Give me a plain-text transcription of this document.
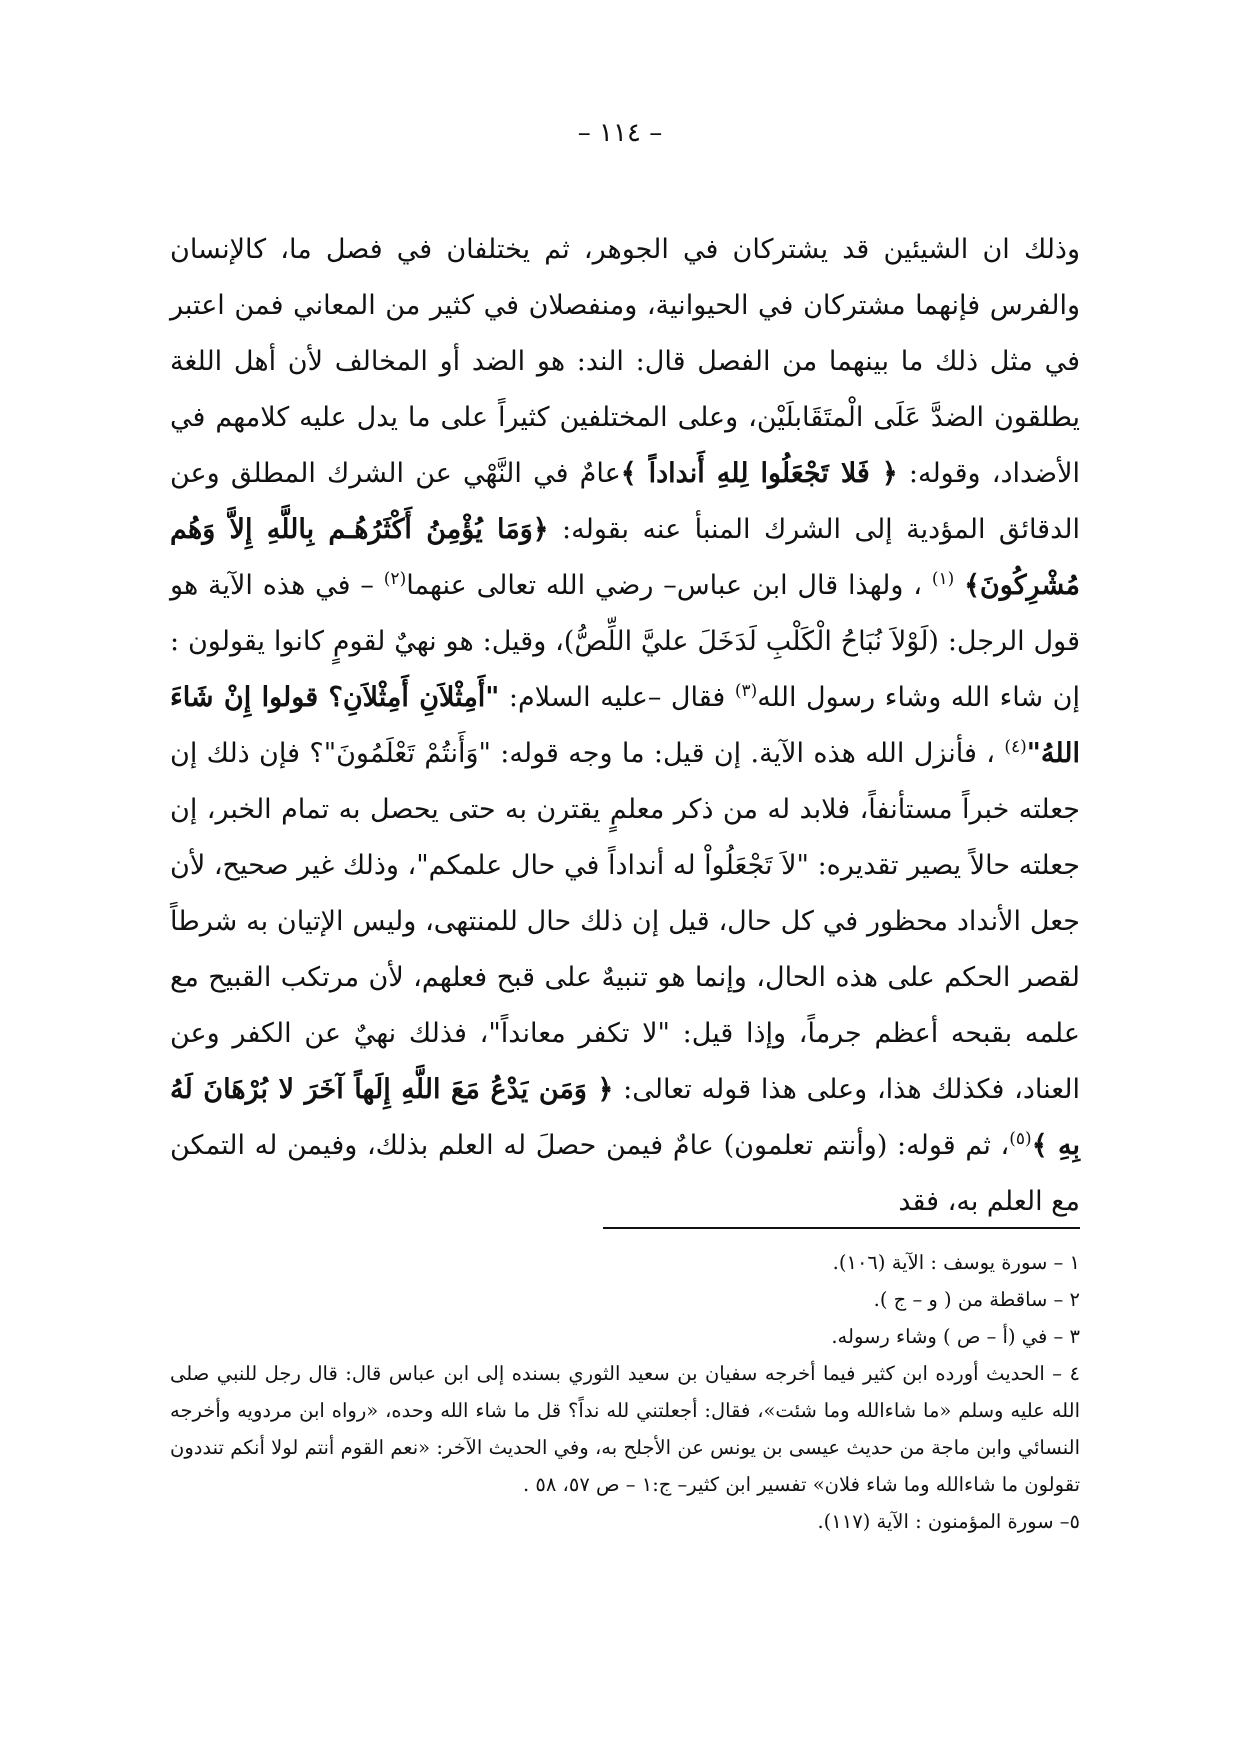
– ١١٤ –

وذلك ان الشيئين قد يشتركان في الجوهر، ثم يختلفان في فصل ما، كالإنسان والفرس فإنهما مشتركان في الحيوانية، ومنفصلان في كثير من المعاني فمن اعتبر في مثل ذلك ما بينهما من الفصل قال: الند: هو الضد أو المخالف لأن أهل اللغة يطلقون الضدَّ عَلَى الْمتَقَابلَيْن، وعلى المختلفين كثيراً على ما يدل عليه كلامهم في الأضداد، وقوله: ﴿ فَلا تَجْعَلُوا لِلهِ أَنداداً ﴾عامٌ في النَّهْي عن الشرك المطلق وعن الدقائق المؤدية إلى الشرك المنبأ عنه بقوله: ﴿وَمَا يُؤْمِنُ أَكْثَرُهُـم بِاللَّهِ إِلاَّ وَهُم مُشْرِكُونَ﴾ $^{(١)}$ ، ولهذا قال ابن عباس– رضي الله تعالى عنهما$^{(٢)}$ – في هذه الآية هو قول الرجل: (لَوْلاَ نُبَاحُ الْكَلْبِ لَدَخَلَ عليَّ اللِّصُّ)، وقيل: هو نهيٌ لقومٍ كانوا يقولون : إن شاء الله وشاء رسول الله$^{(٣)}$ فقال –عليه السلام: "أَمِثْلاَنِ أَمِثْلاَنِ؟ قولوا إِنْ شَاءَ اللهُ"$^{(٤)}$ ، فأنزل الله هذه الآية. إن قيل: ما وجه قوله: "وَأَنتُمْ تَعْلَمُونَ"؟ فإن ذلك إن جعلته خبراً مستأنفاً، فلابد له من ذكر معلمٍ يقترن به حتى يحصل به تمام الخبر، إن جعلته حالاً يصير تقديره: "لاَ تَجْعَلُواْ له أنداداً في حال علمكم"، وذلك غير صحيح، لأن جعل الأنداد محظور في كل حال، قيل إن ذلك حال للمنتهى، وليس الإتيان به شرطاً لقصر الحكم على هذه الحال، وإنما هو تنبيهٌ على قبح فعلهم، لأن مرتكب القبيح مع علمه بقبحه أعظم جرماً، وإذا قيل: "لا تكفر معانداً"، فذلك نهيٌ عن الكفر وعن العناد، فكذلك هذا، وعلى هذا قوله تعالى: ﴿ وَمَن يَدْعُ مَعَ اللَّهِ إِلَهاً آخَرَ لا بُرْهَانَ لَهُ بِهِ ﴾$^{(٥)}$، ثم قوله: (وأنتم تعلمون) عامٌ فيمن حصلَ له العلم بذلك، وفيمن له التمكن مع العلم به، فقد

١ – سورة يوسف : الآية (١٠٦).

٢ – ساقطة من ( و – ج ).

٣ – في (أ – ص ) وشاء رسوله.

٤ – الحديث أورده ابن كثير فيما أخرجه سفيان بن سعيد الثوري بسنده إلى ابن عباس قال: قال رجل للنبي صلى الله عليه وسلم «ما شاءالله وما شئت»، فقال: أجعلتني لله نداً؟ قل ما شاء الله وحده، «رواه ابن مردويه وأخرجه النسائي وابن ماجة من حديث عيسى بن يونس عن الأجلح به، وفي الحديث الآخر: «نعم القوم أنتم لولا أنكم تنددون تقولون ما شاءالله وما شاء فلان» تفسير ابن كثير– ج:١ – ص ٥٧، ٥٨ .

٥– سورة المؤمنون : الآية (١١٧).
